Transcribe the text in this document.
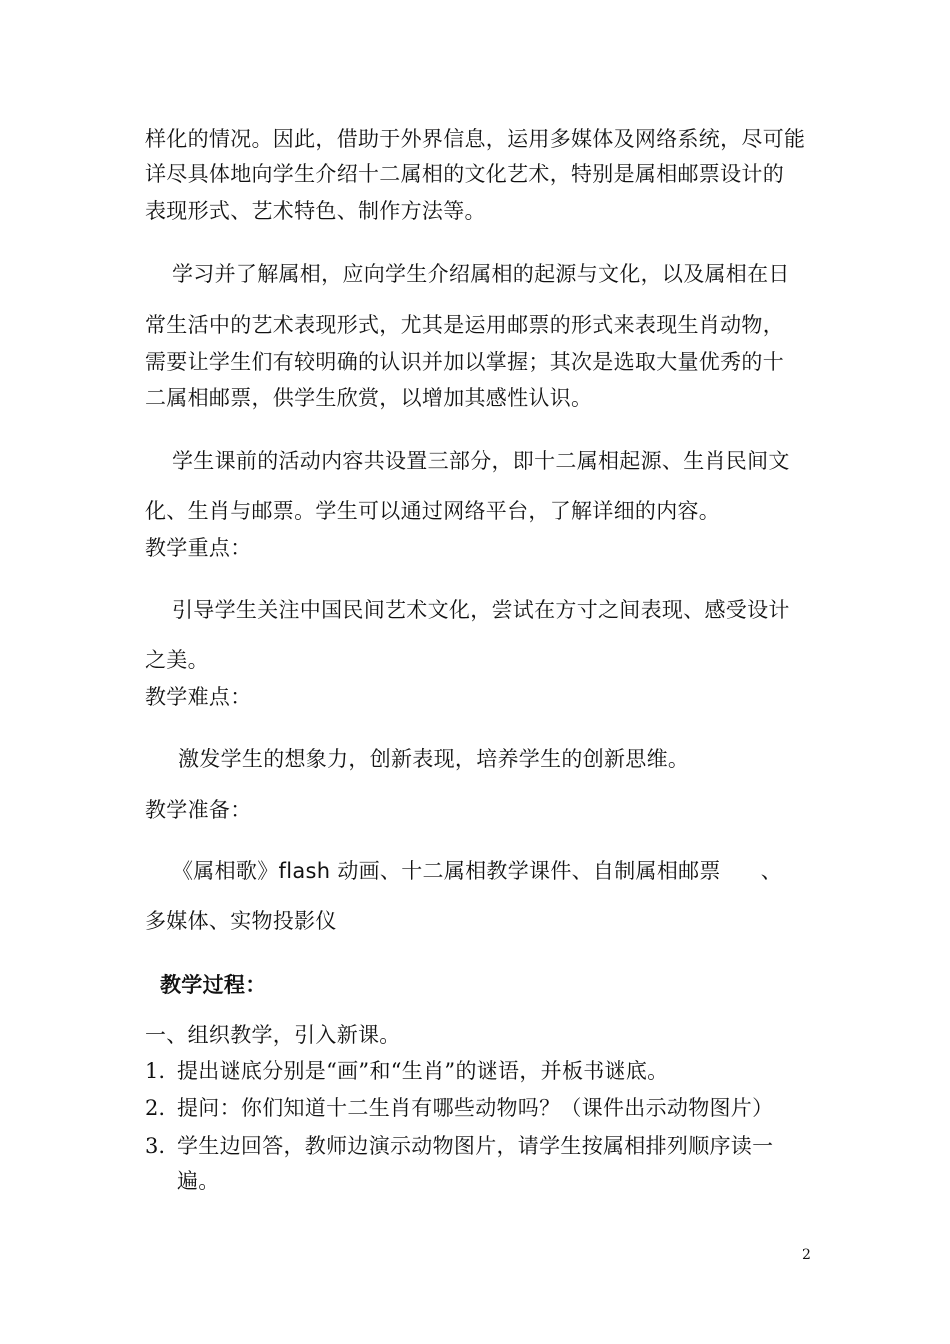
样化的情况。因此，借助于外界信息，运用多媒体及网络系统，尽可能
详尽具体地向学生介绍十二属相的文化艺术，特别是属相邮票设计的
表现形式、艺术特色、制作方法等。
学习并了解属相，应向学生介绍属相的起源与文化，以及属相在日
常生活中的艺术表现形式，尤其是运用邮票的形式来表现生肖动物，
需要让学生们有较明确的认识并加以掌握；其次是选取大量优秀的十
二属相邮票，供学生欣赏，以增加其感性认识。
学生课前的活动内容共设置三部分，即十二属相起源、生肖民间文
化、生肖与邮票。学生可以通过网络平台，了解详细的内容。
教学重点：
引导学生关注中国民间艺术文化，尝试在方寸之间表现、感受设计
之美。
教学难点：
激发学生的想象力，创新表现，培养学生的创新思维。
教学准备：
《属相歌》flash 动画、十二属相教学课件、自制属相邮票 、
多媒体、实物投影仪
教学过程：
一、组织教学，引入新课。
1. 提出谜底分别是“画”和“生肖”的谜语，并板书谜底。
2. 提问：你们知道十二生肖有哪些动物吗？（课件出示动物图片）
3. 学生边回答，教师边演示动物图片，请学生按属相排列顺序读一
遍。
2
